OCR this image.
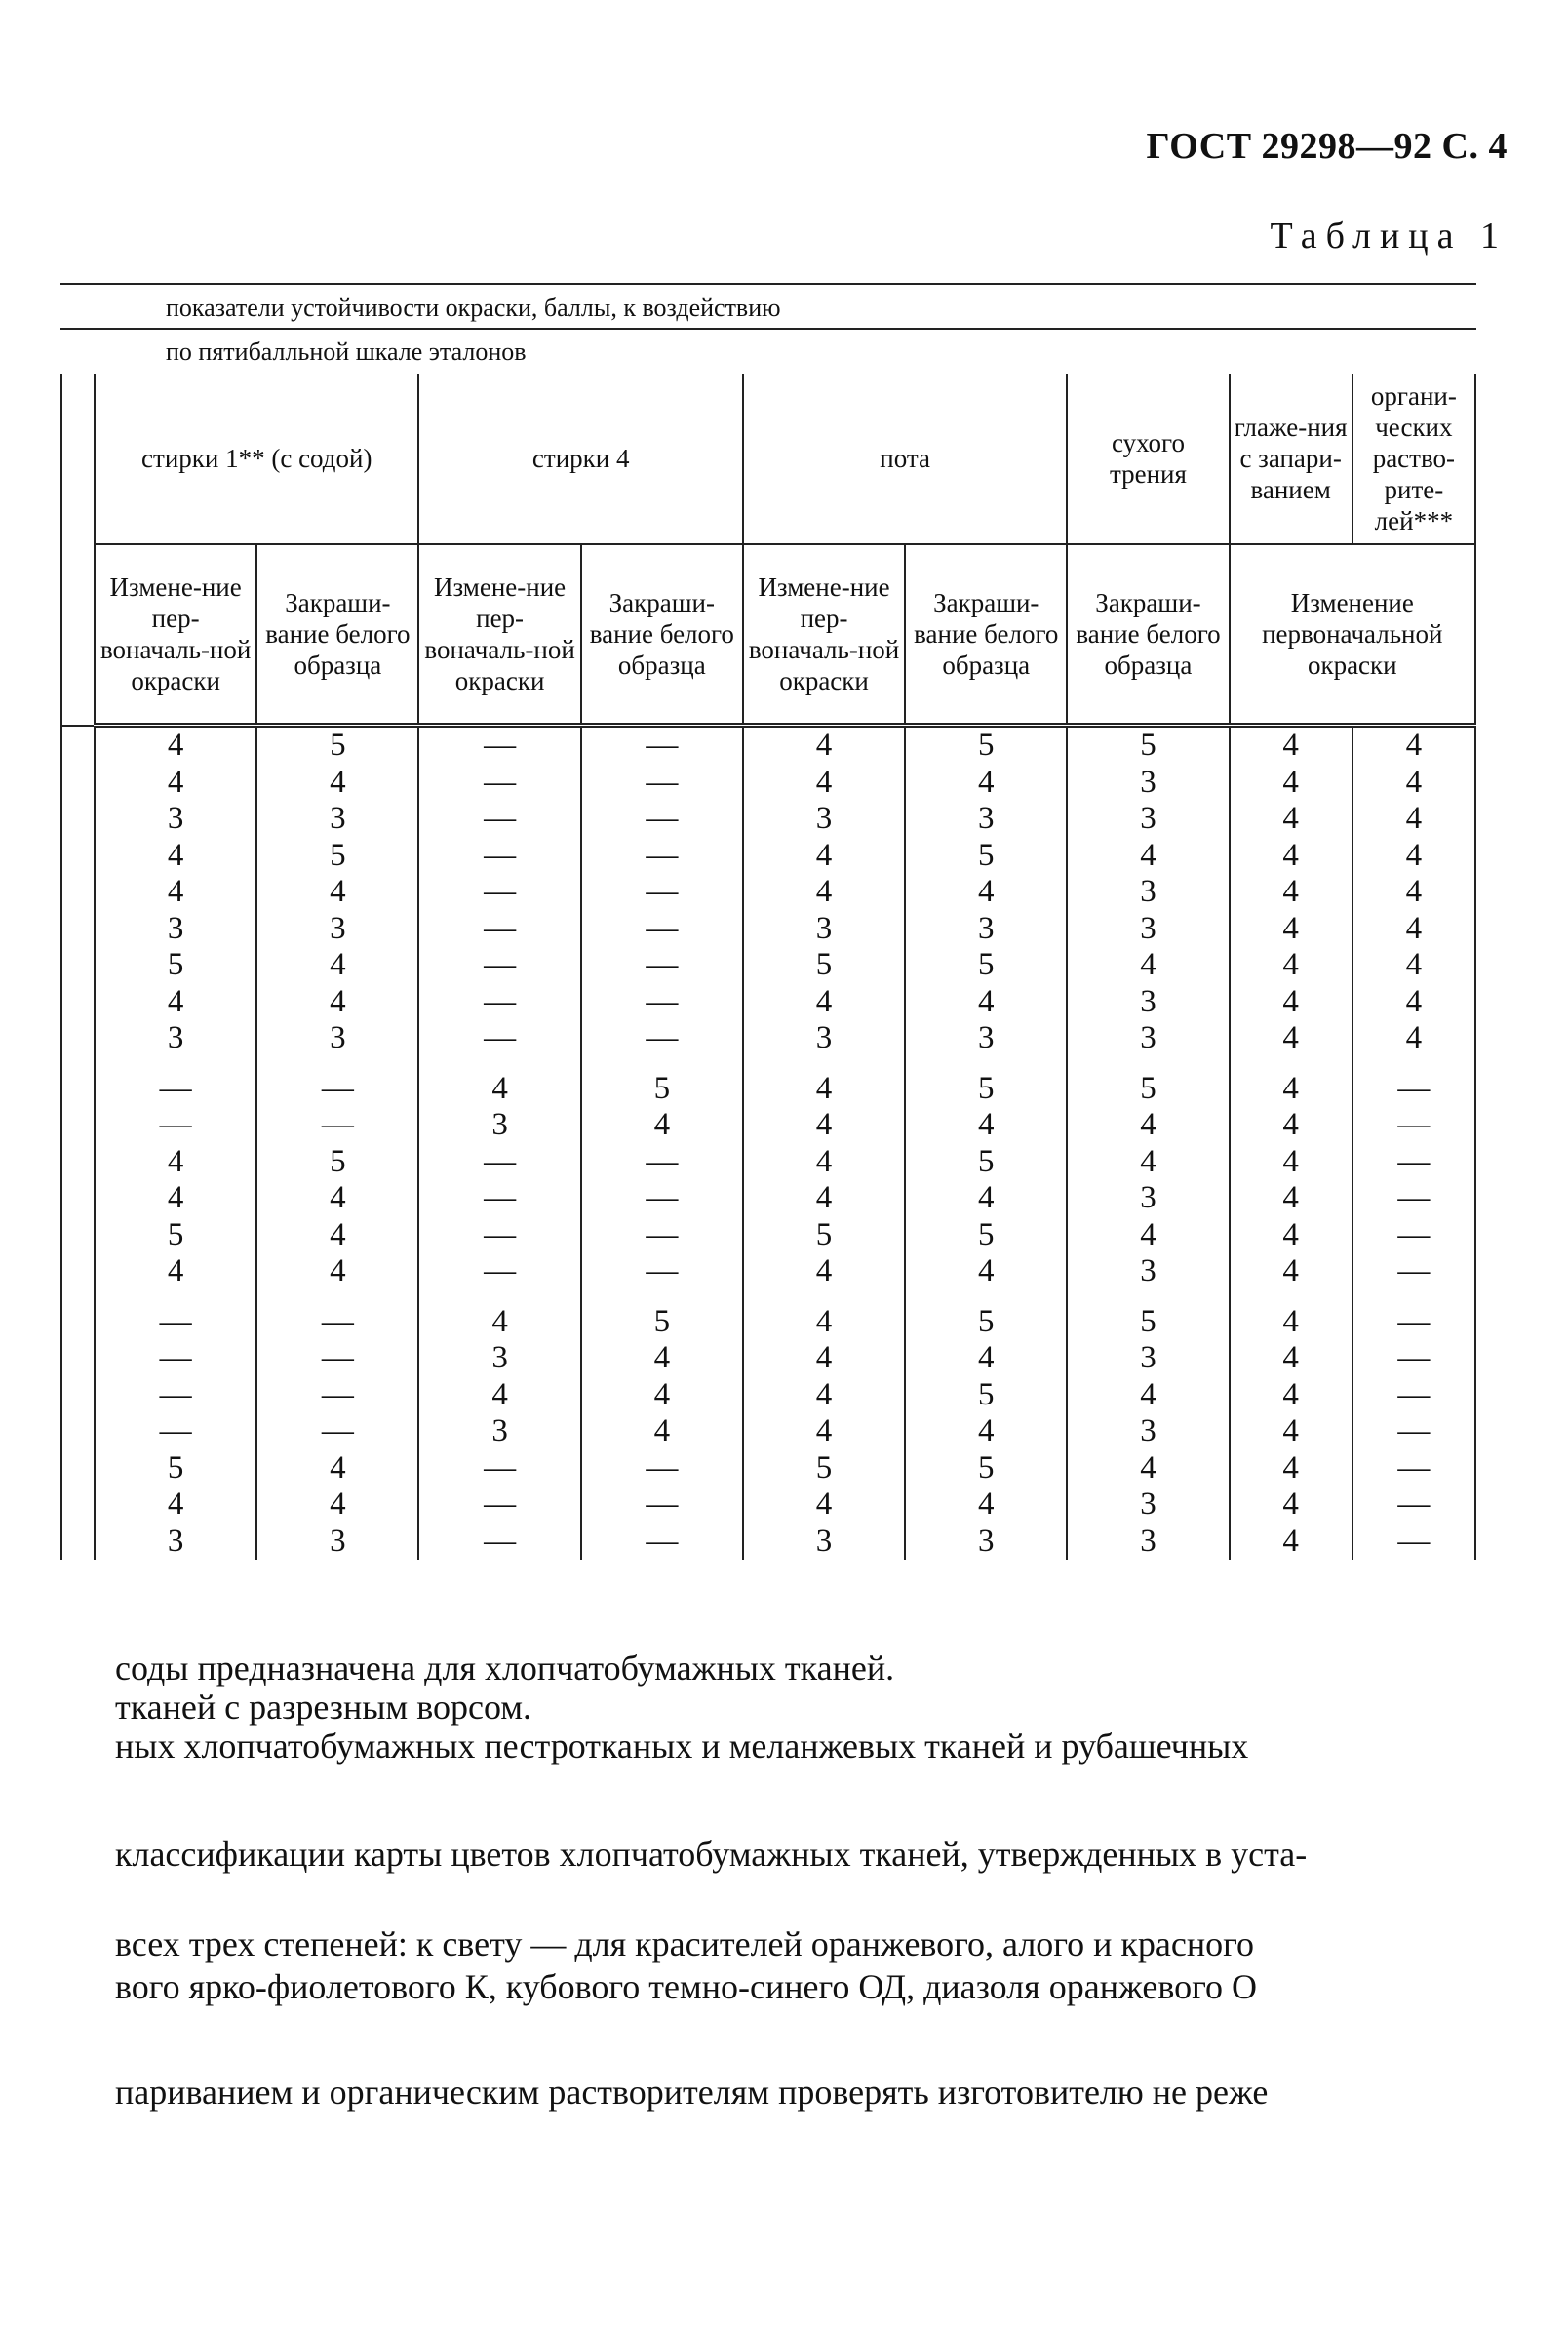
ГОСТ 29298—92 С. 4
Таблица 1
показатели устойчивости окраски, баллы, к воздействию
по пятибалльной шкале эталонов
	стирки 1** (с содой)		стирки 4		пота		сухого трения	глаже-ния с запари-ванием	органи-ческих раство-рите-лей***
	Измене-ние пер-воначаль-ной окраски	Закраши-вание белого образца	Измене-ние пер-воначаль-ной окраски	Закраши-вание белого образца	Измене-ние пер-воначаль-ной окраски	Закраши-вание белого образца	Закраши-вание белого образца	Изменение первоначальной окраски	
	4	5	—	—	4	5	5	4	4
	4	4	—	—	4	4	3	4	4
	3	3	—	—	3	3	3	4	4
	4	5	—	—	4	5	4	4	4
	4	4	—	—	4	4	3	4	4
	3	3	—	—	3	3	3	4	4
	5	4	—	—	5	5	4	4	4
	4	4	—	—	4	4	3	4	4
	3	3	—	—	3	3	3	4	4
	—	—	4	5	4	5	5	4	—
	—	—	3	4	4	4	4	4	—
	4	5	—	—	4	5	4	4	—
	4	4	—	—	4	4	3	4	—
	5	4	—	—	5	5	4	4	—
	4	4	—	—	4	4	3	4	—
	—	—	4	5	4	5	5	4	—
	—	—	3	4	4	4	3	4	—
	—	—	4	4	4	5	4	4	—
	—	—	3	4	4	4	3	4	—
	5	4	—	—	5	5	4	4	—
	4	4	—	—	4	4	3	4	—
	3	3	—	—	3	3	3	4	—
соды предназначена для хлопчатобумажных тканей.
тканей с разрезным ворсом.
ных хлопчатобумажных пестротканых и меланжевых тканей и рубашечных
классификации карты цветов хлопчатобумажных тканей, утвержденных в уста-
всех трех степеней: к свету — для красителей оранжевого, алого и красного
вого ярко-фиолетового К, кубового темно-синего ОД, диазоля оранжевого О
париванием и органическим растворителям проверять изготовителю не реже
